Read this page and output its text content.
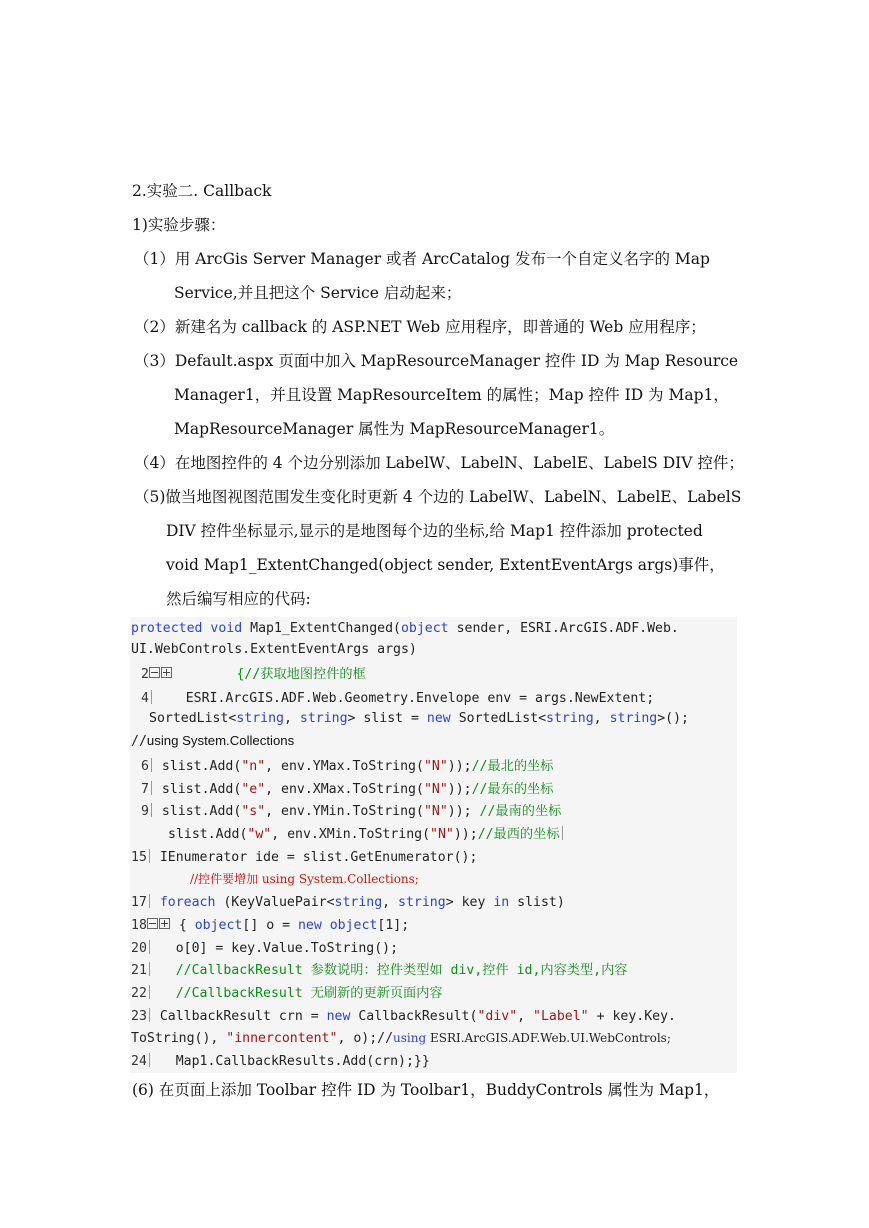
2.实验二. Callback
1)实验步骤：
（1）用 ArcGis Server Manager 或者 ArcCatalog 发布一个自定义名字的 Map
Service,并且把这个 Service 启动起来；
（2）新建名为 callback 的 ASP.NET Web 应用程序，即普通的 Web 应用程序；
（3）Default.aspx 页面中加入 MapResourceManager 控件 ID 为 Map Resource
Manager1，并且设置 MapResourceItem 的属性；Map 控件 ID 为 Map1，
MapResourceManager 属性为 MapResourceManager1。
（4）在地图控件的 4 个边分别添加 LabelW、LabelN、LabelE、LabelS DIV 控件；
（5)做当地图视图范围发生变化时更新 4 个边的 LabelW、LabelN、LabelE、LabelS
DIV 控件坐标显示,显示的是地图每个边的坐标,给 Map1 控件添加 protected
void Map1_ExtentChanged(object sender, ExtentEventArgs args)事件，
然后编写相应的代码:
protected void Map1_ExtentChanged(object sender, ESRI.ArcGIS.ADF.Web.
UI.WebControls.ExtentEventArgs args)
2	{//获取地图控件的框
4	ESRI.ArcGIS.ADF.Web.Geometry.Envelope env = args.NewExtent;
SortedList<string, string> slist = new SortedList<string, string>();
//using System.Collections
6 slist.Add("n", env.YMax.ToString("N"));//最北的坐标
7 slist.Add("e", env.XMax.ToString("N"));//最东的坐标
9 slist.Add("s", env.YMin.ToString("N")); //最南的坐标
slist.Add("w", env.XMin.ToString("N"));//最西的坐标
15 IEnumerator ide = slist.GetEnumerator();
//控件要增加 using System.Collections;
17 foreach (KeyValuePair<string, string> key in slist)
18 { object[] o = new object[1];
20 o[0] = key.Value.ToString();
21 //CallbackResult 参数说明：控件类型如 div,控件 id,内容类型,内容
22 //CallbackResult 无刷新的更新页面内容
23 CallbackResult crn = new CallbackResult("div", "Label" + key.Key.
ToString(), "innercontent", o);//using ESRI.ArcGIS.ADF.Web.UI.WebControls;
24 Map1.CallbackResults.Add(crn);}}
(6) 在页面上添加 Toolbar 控件 ID 为 Toolbar1，BuddyControls 属性为 Map1，
